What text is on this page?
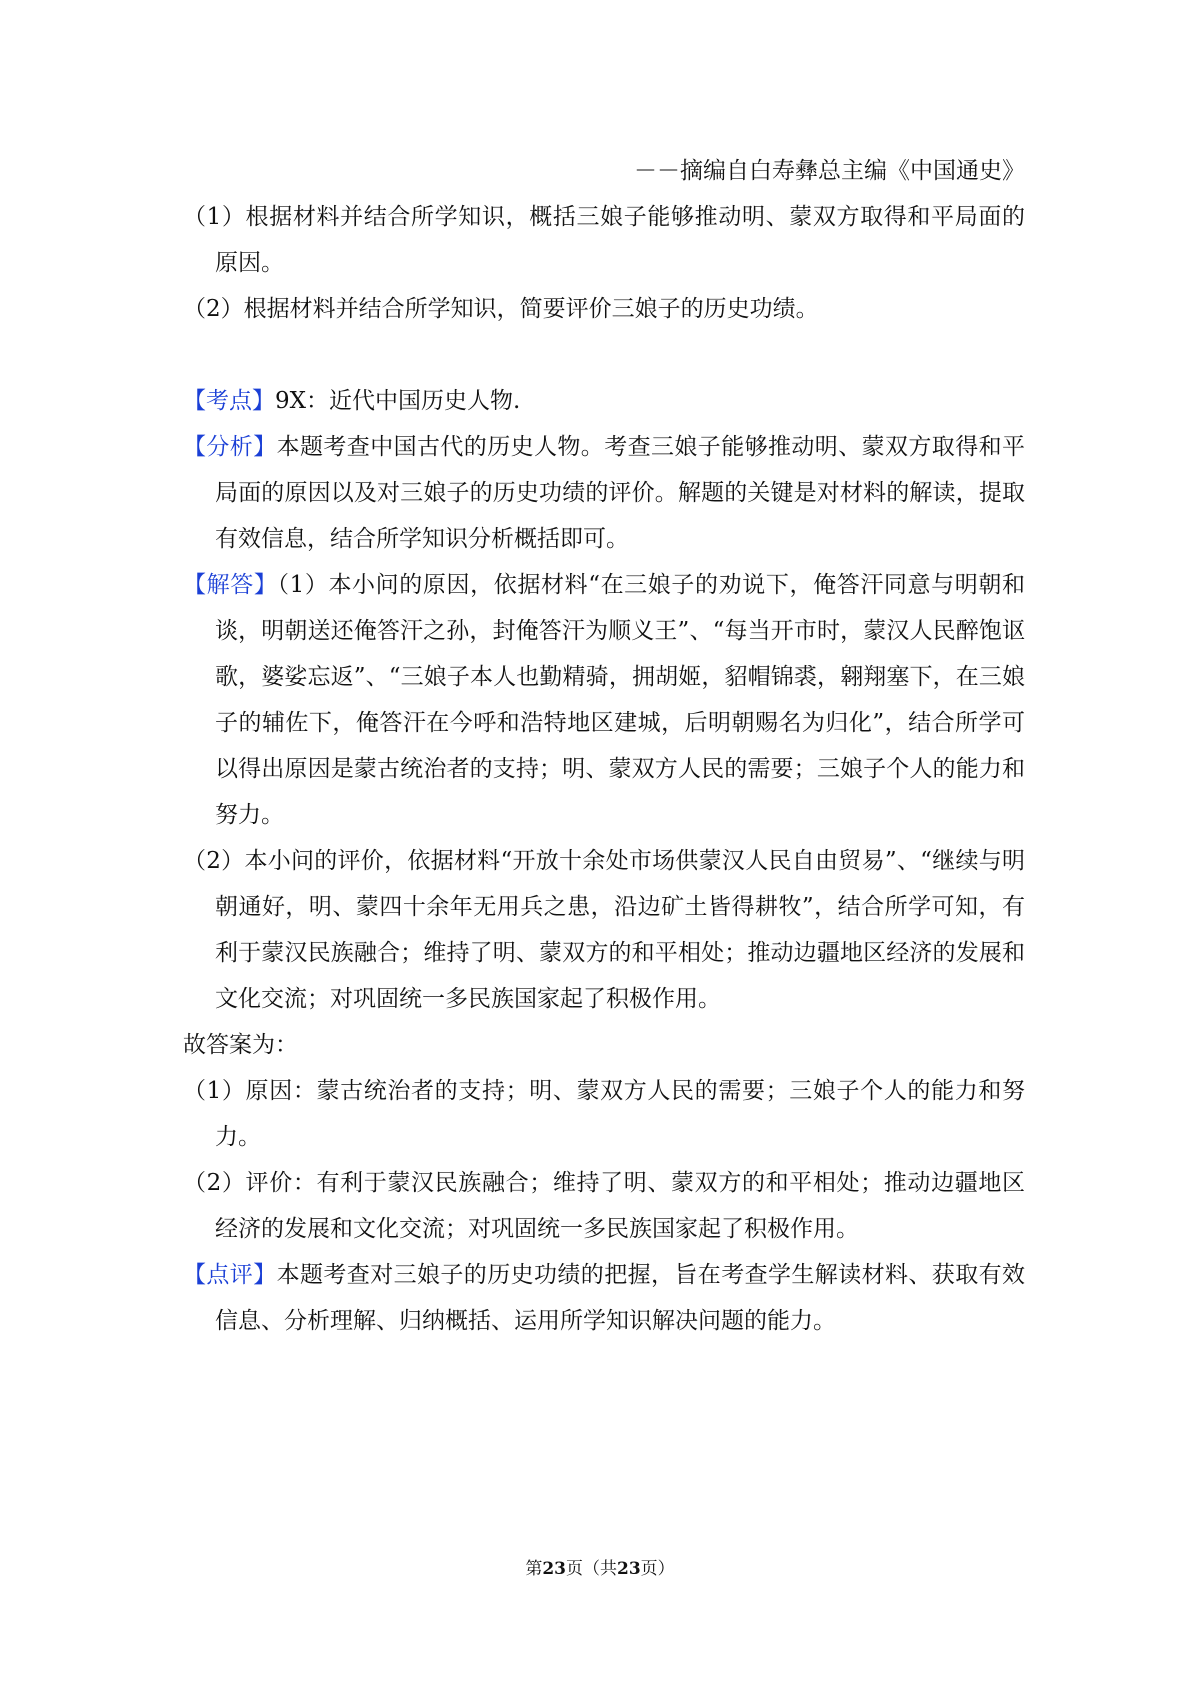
－－摘编自白寿彝总主编《中国通史》

（1）根据材料并结合所学知识，概括三娘子能够推动明、蒙双方取得和平局面的原因。

（2）根据材料并结合所学知识，简要评价三娘子的历史功绩。

【考点】9X：近代中国历史人物.

【分析】本题考查中国古代的历史人物。考查三娘子能够推动明、蒙双方取得和平局面的原因以及对三娘子的历史功绩的评价。解题的关键是对材料的解读，提取有效信息，结合所学知识分析概括即可。

【解答】（1）本小问的原因，依据材料“在三娘子的劝说下，俺答汗同意与明朝和谈，明朝送还俺答汗之孙，封俺答汗为顺义王”、“每当开市时，蒙汉人民醉饱讴歌，婆娑忘返”、“三娘子本人也勤精骑，拥胡姬，貂帽锦裘，翱翔塞下，在三娘子的辅佐下，俺答汗在今呼和浩特地区建城，后明朝赐名为归化”，结合所学可以得出原因是蒙古统治者的支持；明、蒙双方人民的需要；三娘子个人的能力和努力。

（2）本小问的评价，依据材料“开放十余处市场供蒙汉人民自由贸易”、“继续与明朝通好，明、蒙四十余年无用兵之患，沿边矿土皆得耕牧”，结合所学可知，有利于蒙汉民族融合；维持了明、蒙双方的和平相处；推动边疆地区经济的发展和文化交流；对巩固统一多民族国家起了积极作用。

故答案为：

（1）原因：蒙古统治者的支持；明、蒙双方人民的需要；三娘子个人的能力和努力。

（2）评价：有利于蒙汉民族融合；维持了明、蒙双方的和平相处；推动边疆地区经济的发展和文化交流；对巩固统一多民族国家起了积极作用。

【点评】本题考查对三娘子的历史功绩的把握，旨在考查学生解读材料、获取有效信息、分析理解、归纳概括、运用所学知识解决问题的能力。

第23页（共23页）
